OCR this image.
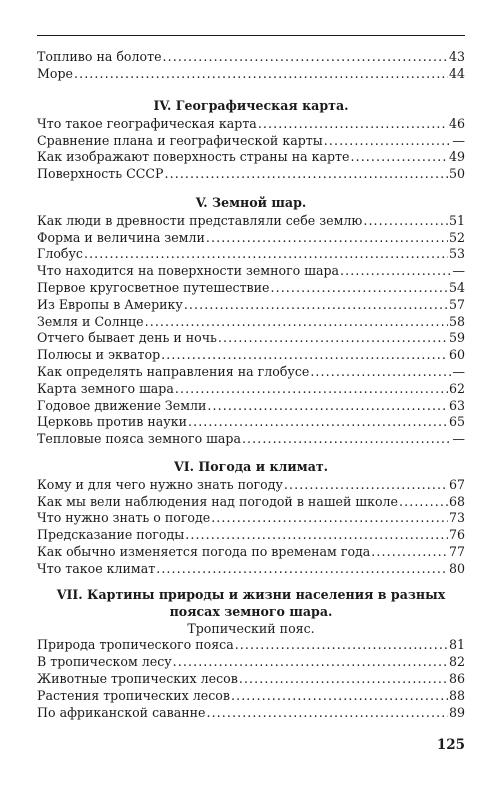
Топливо на болоте .....	43
Море .....	44
IV. Географическая карта.
Что такое географическая карта .....	46
Сравнение плана и географической карты .....	—
Как изображают поверхность страны на карте .....	49
Поверхность СССР .....	50
V. Земной шар.
Как люди в древности представляли себе землю .....	51
Форма и величина земли .....	52
Глобус .....	53
Что находится на поверхности земного шара .....	—
Первое кругосветное путешествие .....	54
Из Европы в Америку .....	57
Земля и Солнце .....	58
Отчего бывает день и ночь .....	59
Полюсы и экватор .....	60
Как определять направления на глобусе .....	—
Карта земного шара .....	62
Годовое движение Земли .....	63
Церковь против науки .....	65
Тепловые пояса земного шара .....	—
VI. Погода и климат.
Кому и для чего нужно знать погоду .....	67
Как мы вели наблюдения над погодой в нашей школе .....	68
Что нужно знать о погоде .....	73
Предсказание погоды .....	76
Как обычно изменяется погода по временам года .....	77
Что такое климат .....	80
VII. Картины природы и жизни населения в разных
поясах земного шара.
Тропический пояс.
Природа тропического пояса .....	81
В тропическом лесу .....	82
Животные тропических лесов .....	86
Растения тропических лесов .....	88
По африканской саванне .....	89
125
